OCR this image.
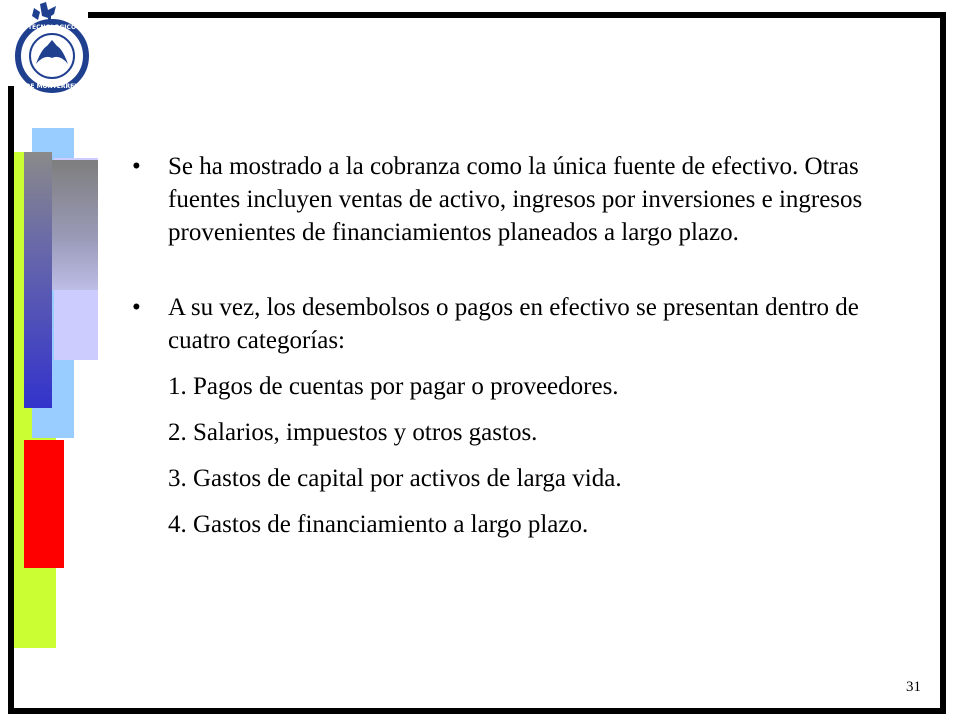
TECNOLOGICO
DE MONTERREY
• Se ha mostrado a la cobranza como la única fuente de efectivo. Otras fuentes incluyen ventas de activo, ingresos por inversiones e ingresos provenientes de financiamientos planeados a largo plazo.
• A su vez, los desembolsos o pagos en efectivo se presentan dentro de cuatro categorías:
1. Pagos de cuentas por pagar o proveedores.
2. Salarios, impuestos y otros gastos.
3. Gastos de capital por activos de larga vida.
4. Gastos de financiamiento a largo plazo.
31
